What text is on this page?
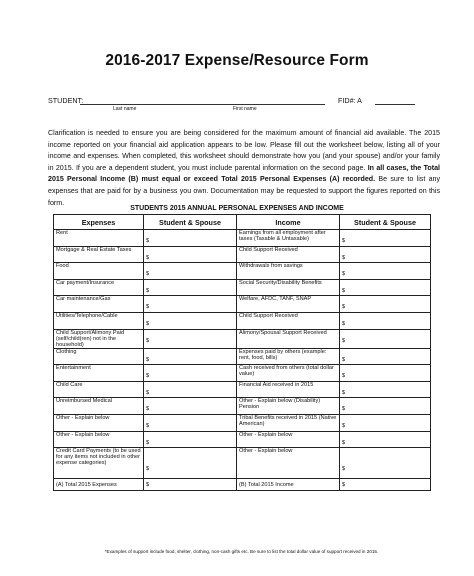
2016-2017 Expense/Resource Form
STUDENT:
Last name	First name
FID#: A
Clarification is needed to ensure you are being considered for the maximum amount of financial aid available. The 2015 income reported on your financial aid application appears to be low. Please fill out the worksheet below, listing all of your income and expenses. When completed, this worksheet should demonstrate how you (and your spouse) and/or your family in 2015. If you are a dependent student, you must include parental information on the second page. In all cases, the Total 2015 Personal Income (B) must equal or exceed Total 2015 Personal Expenses (A) recorded. Be sure to list any expenses that are paid for by a business you own. Documentation may be requested to support the figures reported on this form.
STUDENTS 2015 ANNUAL PERSONAL EXPENSES AND INCOME
Expenses	Student & Spouse	Income	Student & Spouse
Rent	$	Earnings from all employment after taxes (Taxable & Untaxable)	$

Mortgage & Real Estate Taxes	$	Child Support Received	$

Food	$	Withdrawals from savings	$

Car payment/Insurance	$	Social Security/Disability Benefits	$

Car maintenance/Gas	$	Welfare, AFDC, TANF, SNAP	$

Utilities/Telephone/Cable	$	Child Support Received	$

Child Support/Alimony Paid (self/child(ren) not in the household)	$	Alimony/Spousal Support Received	$

Clothing	$	Expenses paid by others (example: rent, food, bills)	$

Entertainment	$	Cash received from others (total dollar value)	$

Child Care	$	Financial Aid received in 2015	$

Unreimbursed Medical	$	Other - Explain below (Disability) Pension	$

Other - Explain below	$	Tribal Benefits received in 2015 (Native American)	$

Other - Explain below	$	Other - Explain below	$

Credit Card Payments (to be used for any items not included in other expense categories)	$	Other - Explain below	$

(A) Total 2015 Expenses	$	(B) Total 2015 Income	$
*Examples of support include food, shelter, clothing, non-cash gifts etc. Be sure to list the total dollar value of support received in 2015.
